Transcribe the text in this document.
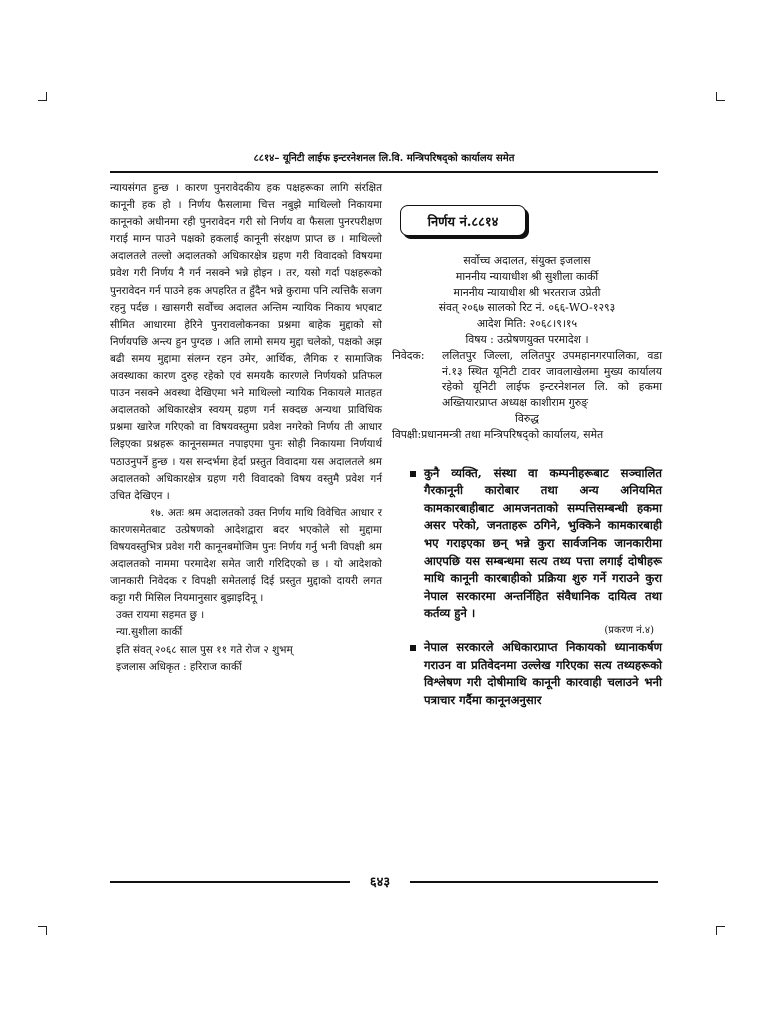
८८१४– यूनिटी लाईफ इन्टरनेशनल लि.वि. मन्त्रिपरिषद्को कार्यालय समेत

न्यायसंगत हुन्छ । कारण पुनरावेदकीय हक पक्षहरूका लागि संरक्षित कानूनी हक हो । निर्णय फैसलामा चित्त नबुझे माथिल्लो निकायमा कानूनको अधीनमा रही पुनरावेदन गरी सो निर्णय वा फैसला पुनरपरीक्षण गराई माग्न पाउने पक्षको हकलाई कानूनी संरक्षण प्राप्त छ । माथिल्लो अदालतले तल्लो अदालतको अधिकारक्षेत्र ग्रहण गरी विवादको विषयमा प्रवेश गरी निर्णय नै गर्न नसक्ने भन्ने होइन । तर, यसो गर्दा पक्षहरूको पुनरावेदन गर्न पाउने हक अपहरित त हुँदैन भन्ने कुरामा पनि त्यत्तिकै सजग रहनु पर्दछ । खासगरी सर्वोच्च अदालत अन्तिम न्यायिक निकाय भएबाट सीमित आधारमा हेरिने पुनरावलोकनका प्रश्नमा बाहेक मुद्दाको सो निर्णयपछि अन्त्य हुन पुग्दछ । अति लामो समय मुद्दा चलेको, पक्षको अझ बढी समय मुद्दामा संलग्न रहन उमेर, आर्थिक, लैगिक र सामाजिक अवस्थाका कारण दुरुह रहेको एवं समयकै कारणले निर्णयको प्रतिफल पाउन नसक्ने अवस्था देखिएमा भने माथिल्लो न्यायिक निकायले मातहत अदालतको अधिकारक्षेत्र स्वयम् ग्रहण गर्न सक्दछ अन्यथा प्राविधिक प्रश्नमा खारेज गरिएको वा विषयवस्तुमा प्रवेश नगरेको निर्णय ती आधार लिइएका प्रश्नहरू कानूनसम्मत नपाइएमा पुनः सोही निकायमा निर्णयार्थ पठाउनुपर्ने हुन्छ । यस सन्दर्भमा हेर्दा प्रस्तुत विवादमा यस अदालतले श्रम अदालतको अधिकारक्षेत्र ग्रहण गरी विवादको विषय वस्तुमै प्रवेश गर्न उचित देखिएन ।

१७. अतः श्रम अदालतको उक्त निर्णय माथि विवेचित आधार र कारणसमेतबाट उत्प्रेषणको आदेशद्वारा बदर भएकोले सो मुद्दामा विषयवस्तुभित्र प्रवेश गरी कानूनबमोजिम पुनः निर्णय गर्नु भनी विपक्षी श्रम अदालतको नाममा परमादेश समेत जारी गरिदिएको छ । यो आदेशको जानकारी निवेदक र विपक्षी समेतलाई दिई प्रस्तुत मुद्दाको दायरी लगत कट्टा गरी मिसिल नियमानुसार बुझाइदिनू ।

उक्त रायमा सहमत छु ।

न्या.सुशीला कार्की

इति संवत् २०६८ साल पुस ११ गते रोज २ शुभम्

इजलास अधिकृत : हरिराज कार्की

निर्णय नं.८८१४
सर्वोच्च अदालत, संयुक्त इजलास
माननीय न्यायाधीश श्री सुशीला कार्की
माननीय न्यायाधीश श्री भरतराज उप्रेती
संवत् २०६७ सालको रिट नं. ०६६-WO-१२९३
आदेश मिति: २०६८।९।१५
विषय : उत्प्रेषणयुक्त परमादेश ।
निवेदक:	ललितपुर जिल्ला, ललितपुर उपमहानगरपालिका, वडा नं.१३ स्थित यूनिटी टावर जावलाखेलमा मुख्य कार्यालय रहेको यूनिटी लाईफ इन्टरनेशनल लि. को हकमा अख्तियारप्राप्त अध्यक्ष काशीराम गुरुङ्
विरुद्ध
विपक्षी: प्रधानमन्त्री तथा मन्त्रिपरिषद्को कार्यालय, समेत
कुनै व्यक्ति, संस्था वा कम्पनीहरूबाट सञ्चालित गैरकानूनी कारोबार तथा अन्य अनियमित कामकारबाहीबाट आमजनताको सम्पत्तिसम्बन्धी हकमा असर परेको, जनताहरू ठगिने, भुक्किने कामकारबाही भए गराइएका छन् भन्ने कुरा सार्वजनिक जानकारीमा आएपछि यस सम्बन्धमा सत्य तथ्य पत्ता लगाई दोषीहरू माथि कानूनी कारबाहीको प्रक्रिया शुरु गर्ने गराउने कुरा नेपाल सरकारमा अन्तर्निहित संवैधानिक दायित्व तथा कर्तव्य हुने ।
(प्रकरण नं.४)
नेपाल सरकारले अधिकारप्राप्त निकायको ध्यानाकर्षण गराउन वा प्रतिवेदनमा उल्लेख गरिएका सत्य तथ्यहरूको विश्लेषण गरी दोषीमाथि कानूनी कारवाही चलाउने भनी पत्राचार गर्दैमा कानूनअनुसार
६४३
